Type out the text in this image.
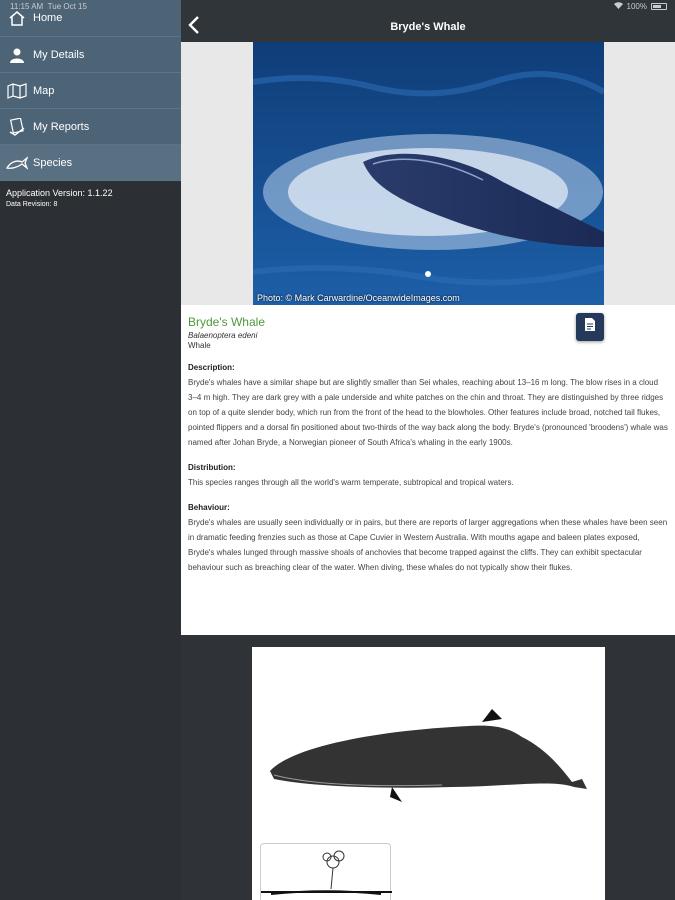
11:15 AM Tue Oct 15	100%
Home
My Details
Map
My Reports
Species
Application Version: 1.1.22
Data Revision: 8
Bryde's Whale
Photo: © Mark Carwardine/OceanwideImages.com
Bryde's Whale
Balaenoptera edeni
Whale
Description:

Bryde's whales have a similar shape but are slightly smaller than Sei whales, reaching about 13–16 m long. The blow rises in a cloud 3–4 m high. They are dark grey with a pale underside and white patches on the chin and throat. They are distinguished by three ridges on top of a quite slender body, which run from the front of the head to the blowholes. Other features include broad, notched tail flukes, pointed flippers and a dorsal fin positioned about two-thirds of the way back along the body. Bryde's (pronounced 'broodens') whale was named after Johan Bryde, a Norwegian pioneer of South Africa's whaling in the early 1900s.

Distribution:

This species ranges through all the world's warm temperate, subtropical and tropical waters.

Behaviour:

Bryde's whales are usually seen individually or in pairs, but there are reports of larger aggregations when these whales have been seen in dramatic feeding frenzies such as those at Cape Cuvier in Western Australia. With mouths agape and baleen plates exposed, Bryde's whales lunged through massive shoals of anchovies that become trapped against the cliffs. They can exhibit spectacular behaviour such as breaching clear of the water. When diving, these whales do not typically show their flukes.
